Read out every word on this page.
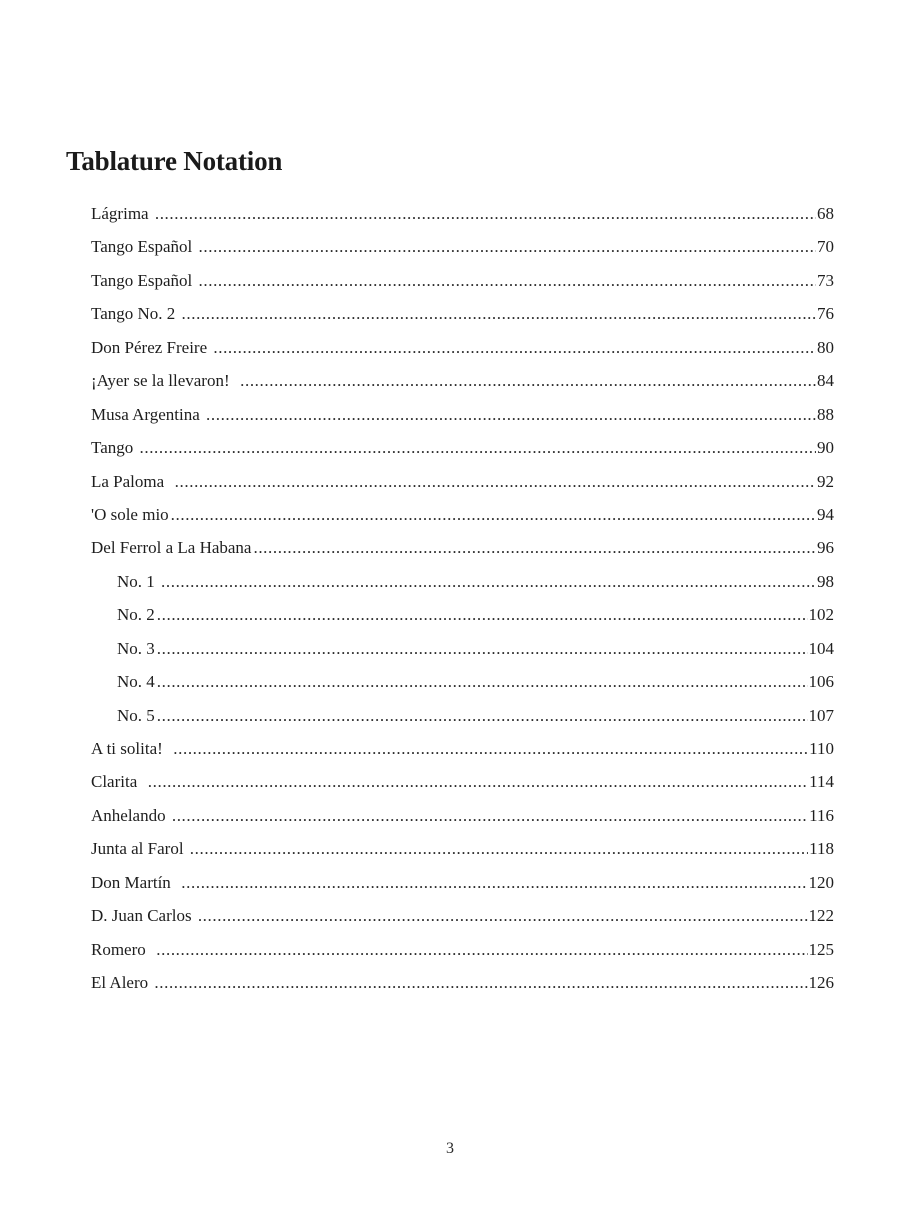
Tablature Notation
Lágrima .....	68
Tango Español .....	70
Tango Español .....	73
Tango No. 2 .....	76
Don Pérez Freire .....	80
¡Ayer se la llevaron! .....	84
Musa Argentina .....	88
Tango .....	90
La Paloma .....	92
'O sole mio .....	94
Del Ferrol a La Habana .....	96
No. 1 .....	98
No. 2 .....	102
No. 3 .....	104
No. 4 .....	106
No. 5 .....	107
A ti solita! .....	110
Clarita .....	114
Anhelando .....	116
Junta al Farol .....	118
Don Martín .....	120
D. Juan Carlos .....	122
Romero .....	125
El Alero .....	126
3
